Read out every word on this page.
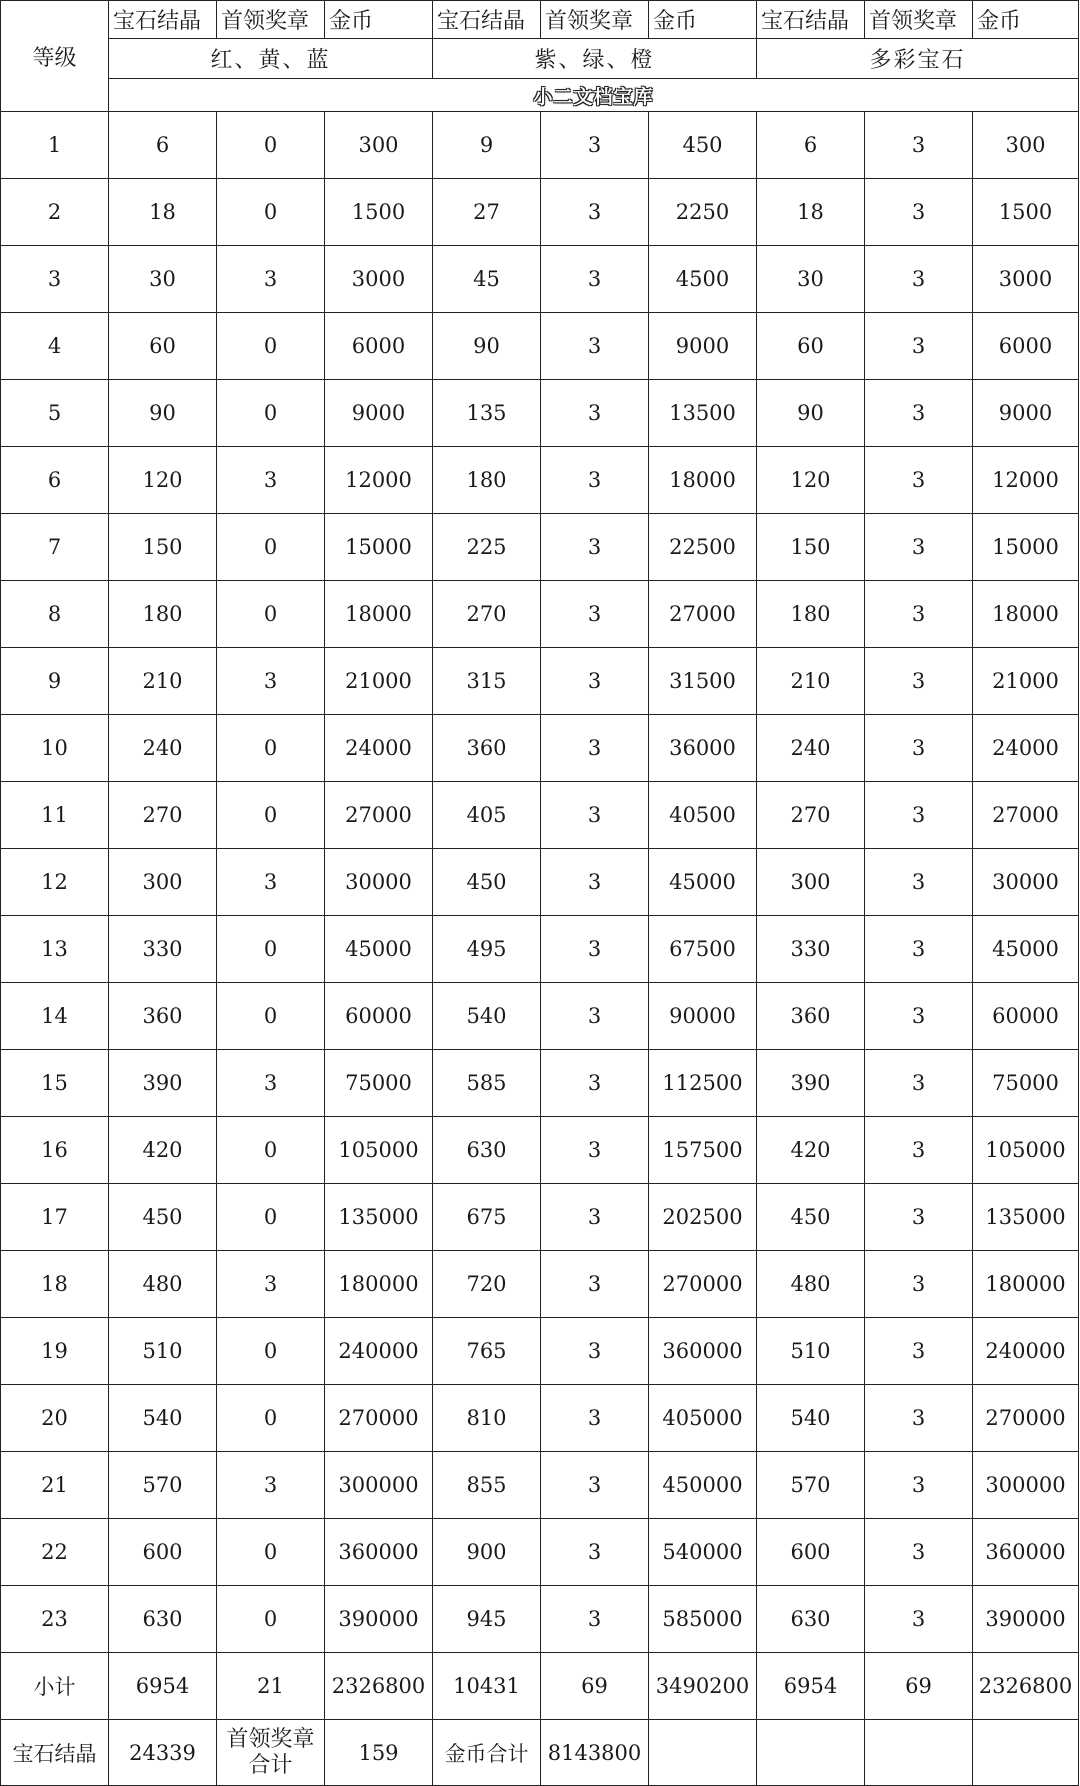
等级	宝石结晶	首领奖章	金币	宝石结晶	首领奖章	金币	宝石结晶	首领奖章	金币
	红、黄、蓝			紫、绿、橙			多彩宝石		
	小二文档宝库								
1	6	0	300	9	3	450	6	3	300
2	18	0	1500	27	3	2250	18	3	1500
3	30	3	3000	45	3	4500	30	3	3000
4	60	0	6000	90	3	9000	60	3	6000
5	90	0	9000	135	3	13500	90	3	9000
6	120	3	12000	180	3	18000	120	3	12000
7	150	0	15000	225	3	22500	150	3	15000
8	180	0	18000	270	3	27000	180	3	18000
9	210	3	21000	315	3	31500	210	3	21000
10	240	0	24000	360	3	36000	240	3	24000
11	270	0	27000	405	3	40500	270	3	27000
12	300	3	30000	450	3	45000	300	3	30000
13	330	0	45000	495	3	67500	330	3	45000
14	360	0	60000	540	3	90000	360	3	60000
15	390	3	75000	585	3	112500	390	3	75000
16	420	0	105000	630	3	157500	420	3	105000
17	450	0	135000	675	3	202500	450	3	135000
18	480	3	180000	720	3	270000	480	3	180000
19	510	0	240000	765	3	360000	510	3	240000
20	540	0	270000	810	3	405000	540	3	270000
21	570	3	300000	855	3	450000	570	3	300000
22	600	0	360000	900	3	540000	600	3	360000
23	630	0	390000	945	3	585000	630	3	390000
小计	6954	21	2326800	10431	69	3490200	6954	69	2326800
宝石结晶	24339	首领奖章合计	159	金币合计	8143800				
